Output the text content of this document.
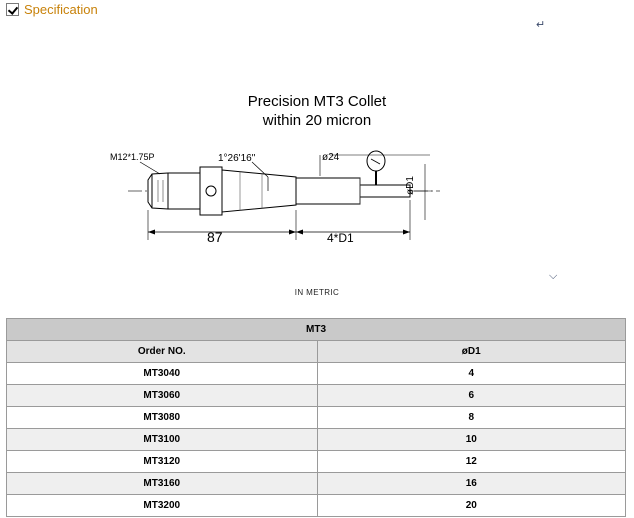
Specification
↵
⌵
Precision MT3 Collet
within 20 micron
M12*1.75P	1°26'16"	ø24
øD1
87	4*D1
IN METRIC
MT3	
Order NO.	øD1
MT3040	4
MT3060	6
MT3080	8
MT3100	10
MT3120	12
MT3160	16
MT3200	20
